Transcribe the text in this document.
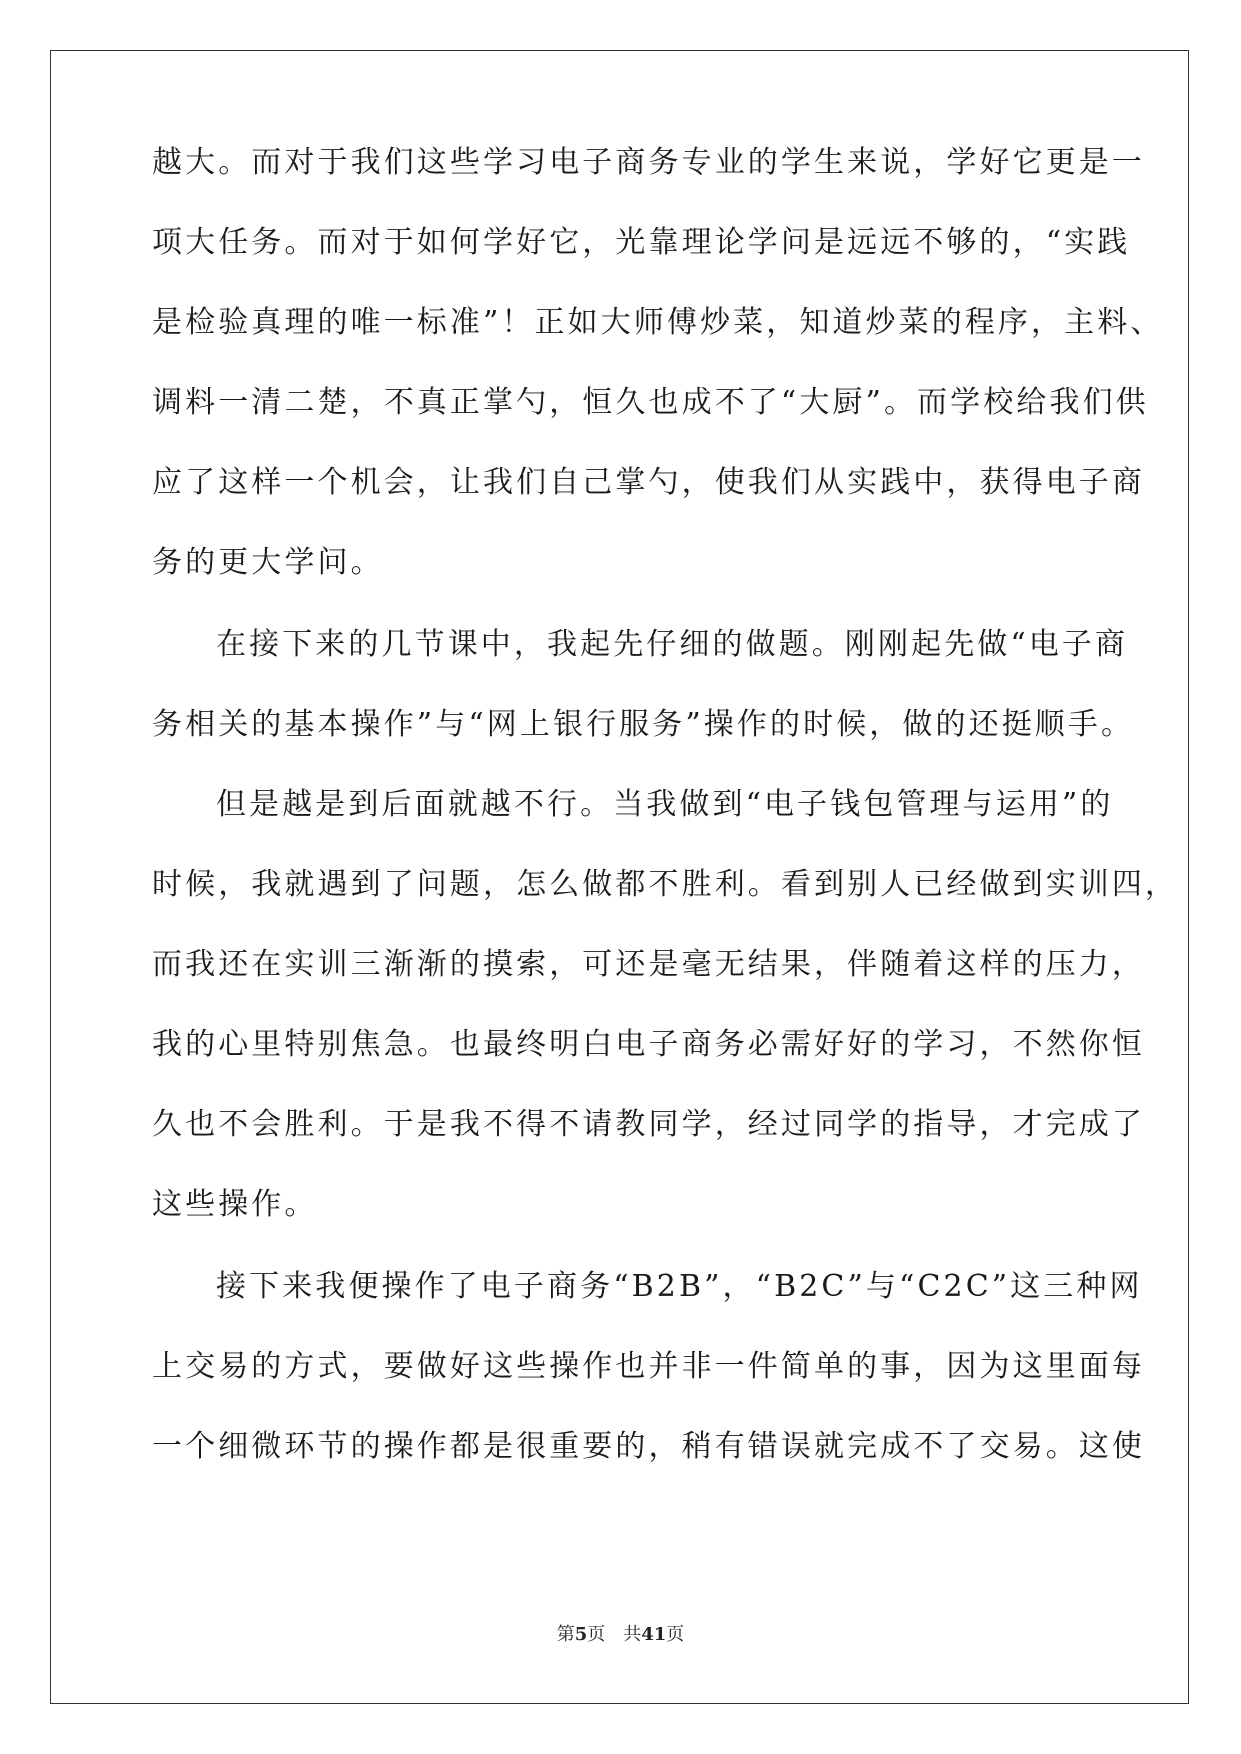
越大。而对于我们这些学习电子商务专业的学生来说，学好它更是一
项大任务。而对于如何学好它，光靠理论学问是远远不够的，“实践
是检验真理的唯一标准”！正如大师傅炒菜，知道炒菜的程序，主料、
调料一清二楚，不真正掌勺，恒久也成不了“大厨”。而学校给我们供
应了这样一个机会，让我们自己掌勺，使我们从实践中，获得电子商
务的更大学问。
在接下来的几节课中，我起先仔细的做题。刚刚起先做“电子商
务相关的基本操作”与“网上银行服务”操作的时候，做的还挺顺手。
但是越是到后面就越不行。当我做到“电子钱包管理与运用”的
时候，我就遇到了问题，怎么做都不胜利。看到别人已经做到实训四，
而我还在实训三渐渐的摸索，可还是毫无结果，伴随着这样的压力，
我的心里特别焦急。也最终明白电子商务必需好好的学习，不然你恒
久也不会胜利。于是我不得不请教同学，经过同学的指导，才完成了
这些操作。
接下来我便操作了电子商务“B2B”，“B2C”与“C2C”这三种网
上交易的方式，要做好这些操作也并非一件简单的事，因为这里面每
一个细微环节的操作都是很重要的，稍有错误就完成不了交易。这使
第5页 共41页
